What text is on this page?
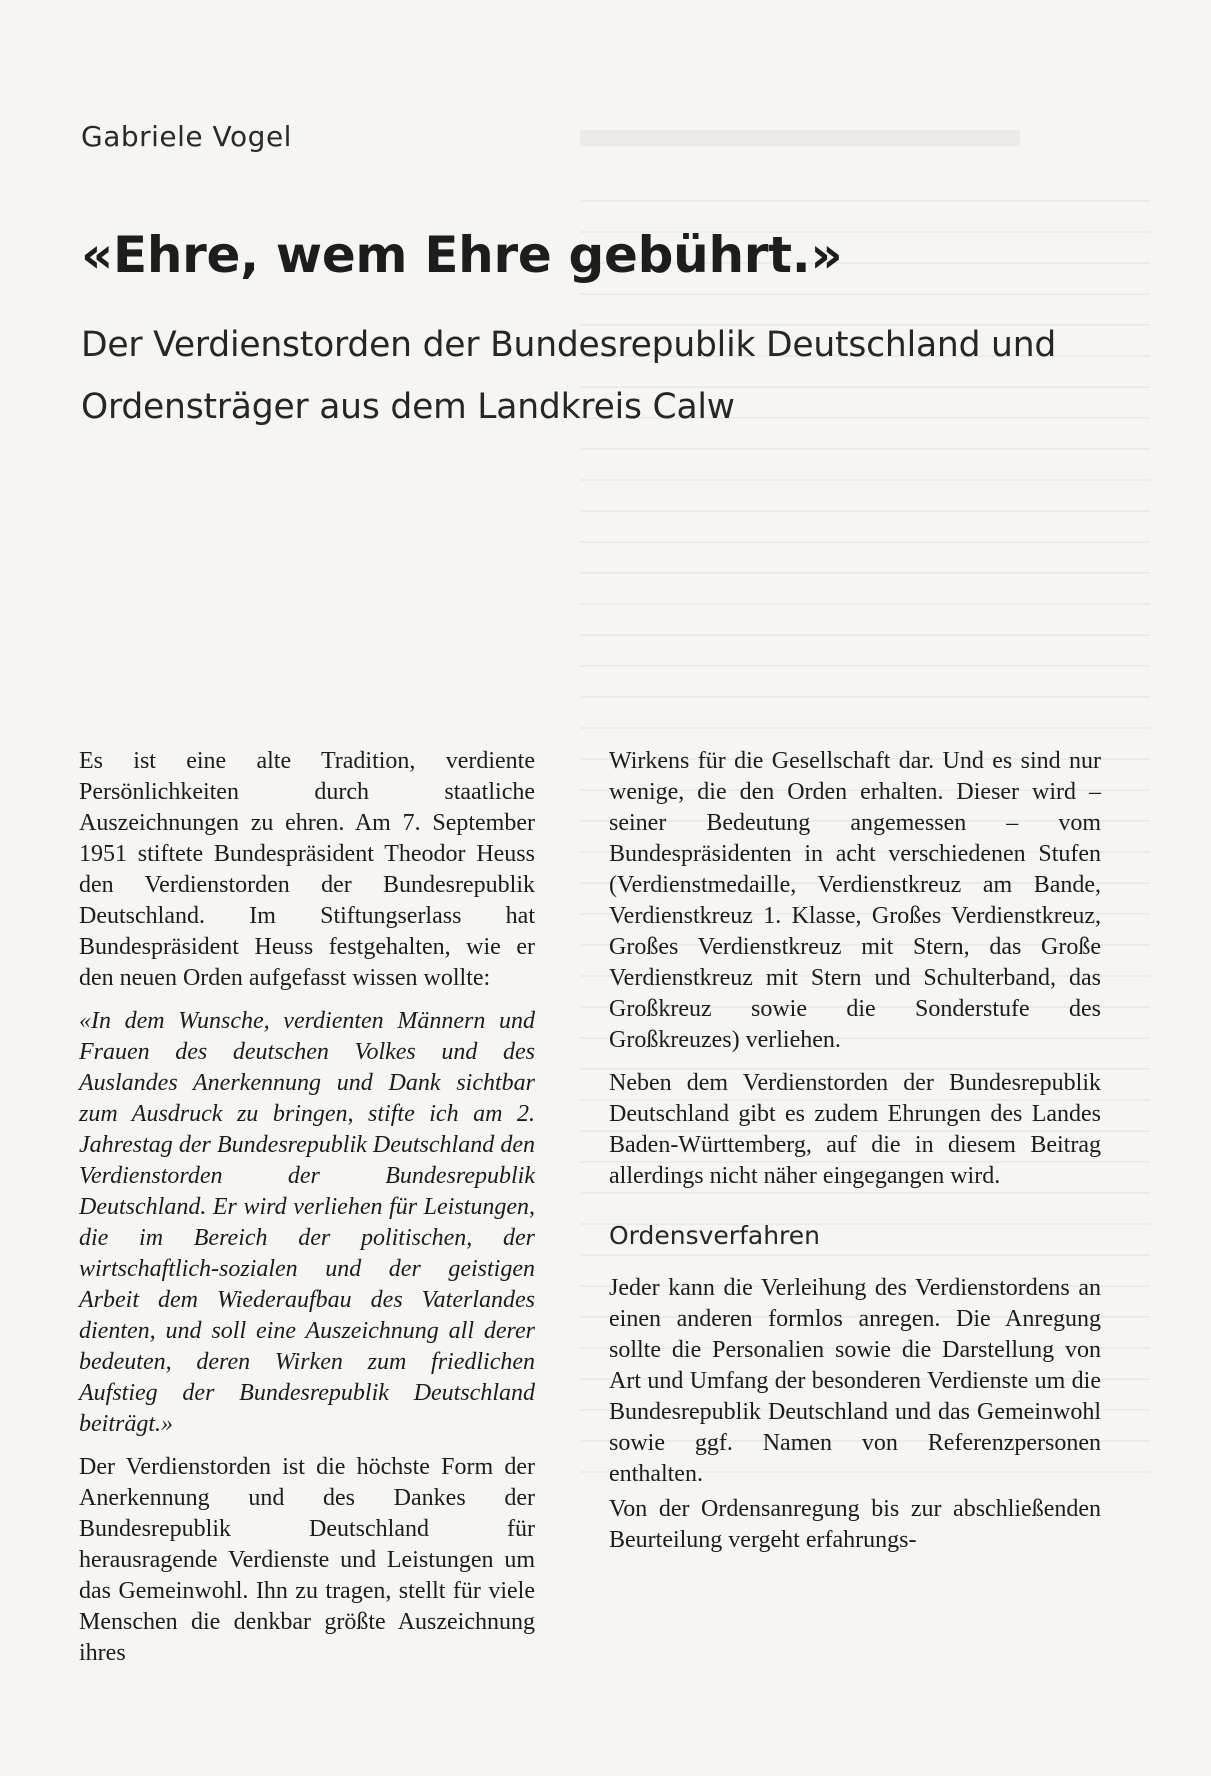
Gabriele Vogel
«Ehre, wem Ehre gebührt.»
Der Verdienstorden der Bundesrepublik Deutschland und Ordensträger aus dem Landkreis Calw

Es ist eine alte Tradition, verdiente Persönlichkeiten durch staatliche Auszeichnungen zu ehren. Am 7. September 1951 stiftete Bundespräsident Theodor Heuss den Verdienstorden der Bundesrepublik Deutschland. Im Stiftungserlass hat Bundespräsident Heuss festgehalten, wie er den neuen Orden aufgefasst wissen wollte:

«In dem Wunsche, verdienten Männern und Frauen des deutschen Volkes und des Auslandes Anerkennung und Dank sichtbar zum Ausdruck zu bringen, stifte ich am 2. Jahrestag der Bundesrepublik Deutschland den Verdienstorden der Bundesrepublik Deutschland. Er wird verliehen für Leistungen, die im Bereich der politischen, der wirtschaftlich-sozialen und der geistigen Arbeit dem Wiederaufbau des Vaterlandes dienten, und soll eine Auszeichnung all derer bedeuten, deren Wirken zum friedlichen Aufstieg der Bundesrepublik Deutschland beiträgt.»

Der Verdienstorden ist die höchste Form der Anerkennung und des Dankes der Bundesrepublik Deutschland für herausragende Verdienste und Leistungen um das Gemeinwohl. Ihn zu tragen, stellt für viele Menschen die denkbar größte Auszeichnung ihres

Wirkens für die Gesellschaft dar. Und es sind nur wenige, die den Orden erhalten. Dieser wird – seiner Bedeutung angemessen – vom Bundespräsidenten in acht verschiedenen Stufen (Verdienstmedaille, Verdienstkreuz am Bande, Verdienstkreuz 1. Klasse, Großes Verdienstkreuz, Großes Verdienstkreuz mit Stern, das Große Verdienstkreuz mit Stern und Schulterband, das Großkreuz sowie die Sonderstufe des Großkreuzes) verliehen.

Neben dem Verdienstorden der Bundesrepublik Deutschland gibt es zudem Ehrungen des Landes Baden-Württemberg, auf die in diesem Beitrag allerdings nicht näher eingegangen wird.

Ordensverfahren

Jeder kann die Verleihung des Verdienstordens an einen anderen formlos anregen. Die Anregung sollte die Personalien sowie die Darstellung von Art und Umfang der besonderen Verdienste um die Bundesrepublik Deutschland und das Gemeinwohl sowie ggf. Namen von Referenzpersonen enthalten.

Von der Ordensanregung bis zur abschließenden Beurteilung vergeht erfahrungs-
